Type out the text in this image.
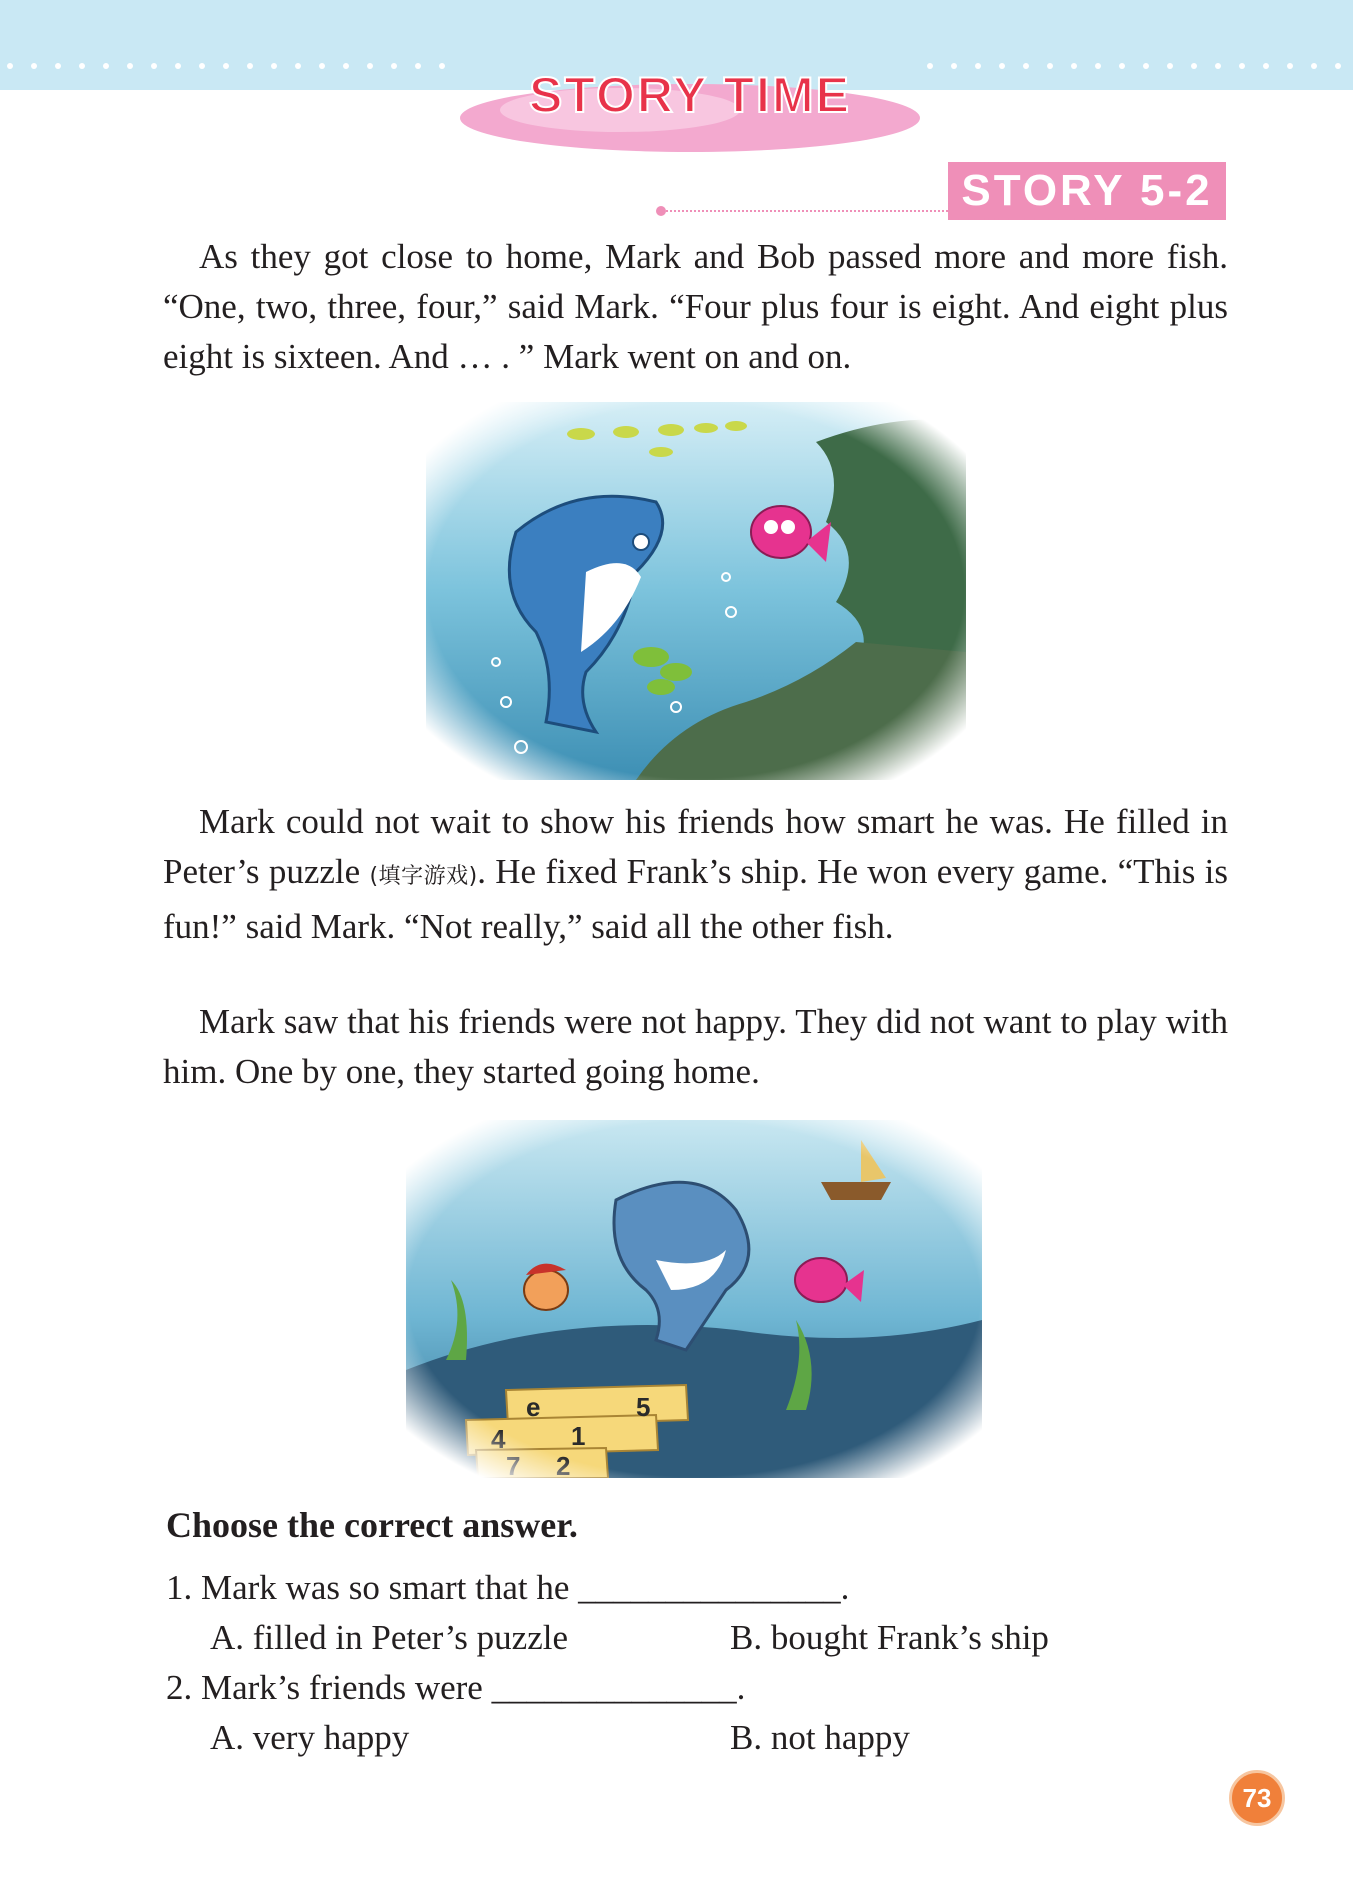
STORY TIME
STORY 5-2

As they got close to home, Mark and Bob passed more and more fish. “One, two, three, four,” said Mark. “Four plus four is eight. And eight plus eight is sixteen. And … . ” Mark went on and on.

Mark could not wait to show his friends how smart he was. He filled in Peter’s puzzle (填字游戏). He fixed Frank’s ship. He won every game. “This is fun!” said Mark. “Not really,” said all the other fish.

Mark saw that his friends were not happy. They did not want to play with him. One by one, they started going home.

Choose the correct answer.

1. Mark was so smart that he _______________.

A. filled in Peter’s puzzle	B. bought Frank’s ship

2. Mark’s friends were ______________.

A. very happy	B. not happy

73
